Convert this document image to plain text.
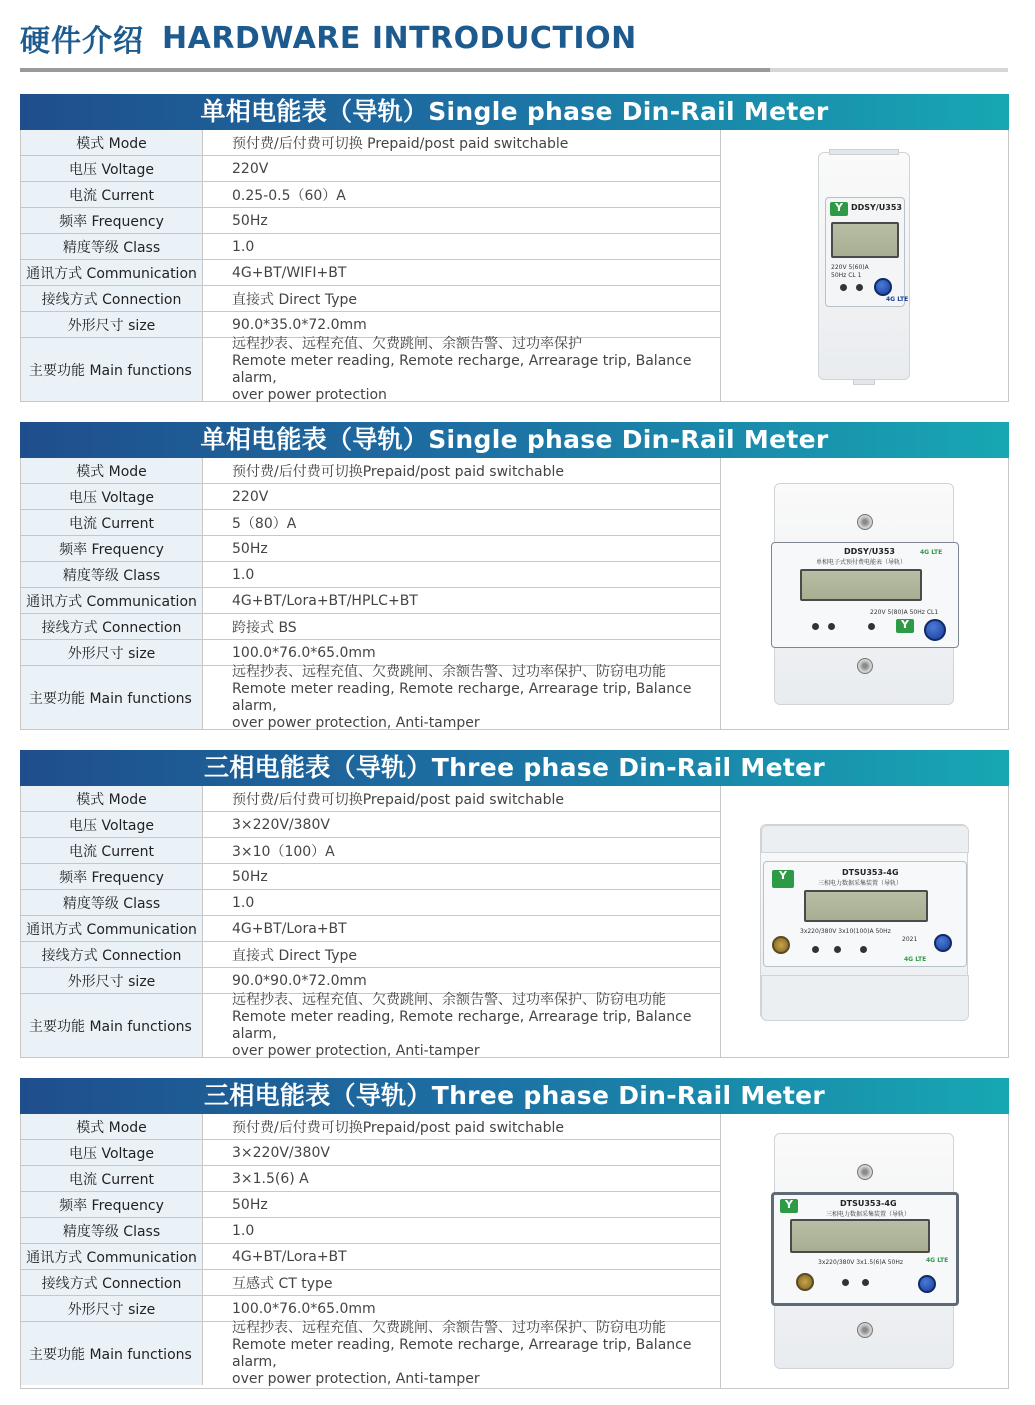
硬件介绍 HARDWARE INTRODUCTION
单相电能表（导轨）Single phase Din-Rail Meter
模式 Mode	预付费/后付费可切换 Prepaid/post paid switchable
电压 Voltage	220V
电流 Current	0.25-0.5（60）A
频率 Frequency	50Hz
精度等级 Class	1.0
通讯方式 Communication	4G+BT/WIFI+BT
接线方式 Connection	直接式 Direct Type
外形尺寸 size	90.0*35.0*72.0mm
主要功能 Main functions
远程抄表、远程充值、欠费跳闸、余额告警、过功率保护
Remote meter reading, Remote recharge, Arrearage trip, Balance alarm,
over power protection
Y
DDSY/U353
220V 5(60)A
50Hz CL 1
4G LTE
单相电能表（导轨）Single phase Din-Rail Meter
模式 Mode	预付费/后付费可切换Prepaid/post paid switchable
电压 Voltage	220V
电流 Current	5（80）A
频率 Frequency	50Hz
精度等级 Class	1.0
通讯方式 Communication	4G+BT/Lora+BT/HPLC+BT
接线方式 Connection	跨接式 BS
外形尺寸 size	100.0*76.0*65.0mm
主要功能 Main functions
远程抄表、远程充值、欠费跳闸、余额告警、过功率保护、防窃电功能
Remote meter reading, Remote recharge, Arrearage trip, Balance alarm,
over power protection, Anti-tamper
DDSY/U353
单相电子式预付费电能表（导轨）
220V 5(80)A 50Hz CL1
4G LTE
Y
三相电能表（导轨）Three phase Din-Rail Meter
模式 Mode	预付费/后付费可切换Prepaid/post paid switchable
电压 Voltage	3×220V/380V
电流 Current	3×10（100）A
频率 Frequency	50Hz
精度等级 Class	1.0
通讯方式 Communication	4G+BT/Lora+BT
接线方式 Connection	直接式 Direct Type
外形尺寸 size	90.0*90.0*72.0mm
主要功能 Main functions
远程抄表、远程充值、欠费跳闸、余额告警、过功率保护、防窃电功能
Remote meter reading, Remote recharge, Arrearage trip, Balance alarm,
over power protection, Anti-tamper
Y
DTSU353-4G
三相电力数据采集装置（导轨）
3x220/380V 3x10(100)A 50Hz
2021
4G LTE
三相电能表（导轨）Three phase Din-Rail Meter
模式 Mode	预付费/后付费可切换Prepaid/post paid switchable
电压 Voltage	3×220V/380V
电流 Current	3×1.5(6) A
频率 Frequency	50Hz
精度等级 Class	1.0
通讯方式 Communication	4G+BT/Lora+BT
接线方式 Connection	互感式 CT type
外形尺寸 size	100.0*76.0*65.0mm
主要功能 Main functions
远程抄表、远程充值、欠费跳闸、余额告警、过功率保护、防窃电功能
Remote meter reading, Remote recharge, Arrearage trip, Balance alarm,
over power protection, Anti-tamper
Y
DTSU353-4G
三相电力数据采集装置（导轨）
3x220/380V 3x1.5(6)A 50Hz	4G LTE
